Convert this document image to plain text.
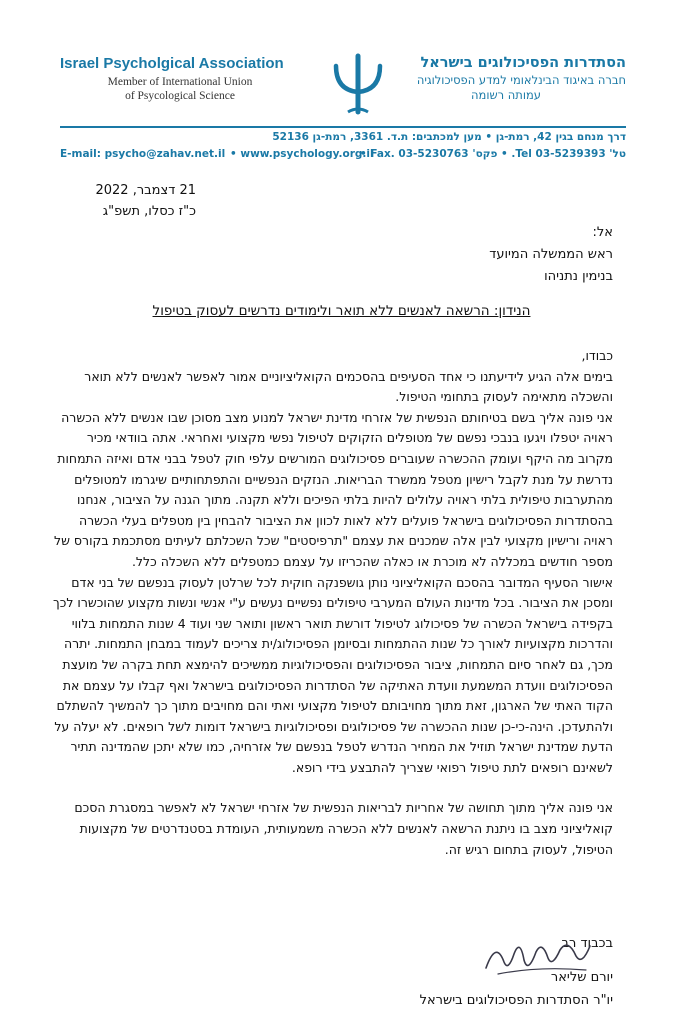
Israel Psycholgical Association
Member of International Union
of Psycological Science
הסתדרות הפסיכולוגים בישראל
חברה באיגוד הבינלאומי למדע הפסיכולוגיה
עמותה רשומה
דרך מנחם בגין 42, רמת-גן • מען למכתבים: ת.ד. 3361, רמת-גן 52136
E-mail: psycho@zahav.net.il • www.psychology.org.il
• Fax. 03-5230763 טל' 03-5239393 Tel. • פקס'
21 דצמבר, 2022
כ"ז כסלו, תשפ"ג
אל:
ראש הממשלה המיועד
בנימין נתניהו
הנידון: הרשאה לאנשים ללא תואר ולימודים נדרשים לעסוק בטיפול

כבודו,

בימים אלה הגיע לידיעתנו כי אחד הסעיפים בהסכמים הקואליציוניים אמור לאפשר לאנשים ללא תואר והשכלה מתאימה לעסוק בתחומי הטיפול.

אני פונה אליך בשם בטיחותם הנפשית של אזרחי מדינת ישראל למנוע מצב מסוכן שבו אנשים ללא הכשרה ראויה יטפלו ויגעו בנבכי נפשם של מטופלים הזקוקים לטיפול נפשי מקצועי ואחראי. אתה בוודאי מכיר מקרוב מה היקף ועומק ההכשרה שעוברים פסיכולוגים המורשים עלפי חוק לטפל בבני אדם ואיזה התמחות נדרשת על מנת לקבל רישיון מטפל ממשרד הבריאות. הנזקים הנפשיים והתפתחותיים שיגרמו למטופלים מהתערבות טיפולית בלתי ראויה עלולים להיות בלתי הפיכים וללא תקנה. מתוך הגנה על הציבור, אנחנו בהסתדרות הפסיכולוגים בישראל פועלים ללא לאות לכוון את הציבור להבחין בין מטפלים בעלי הכשרה ראויה ורישיון מקצועי לבין אלה שמכנים את עצמם "תרפיסטים" שכל השכלתם לעיתים מסתכמת בקורס של מספר חודשים במכללה לא מוכרת או כאלה שהכריזו על עצמם כמטפלים ללא השכלה כלל.

אישור הסעיף המדובר בהסכם הקואליציוני נותן גושפנקה חוקית לכל שרלטן לעסוק בנפשם של בני אדם ומסכן את הציבור. בכל מדינות העולם המערבי טיפולים נפשיים נעשים ע"י אנשי ונשות מקצוע שהוכשרו לכך בקפידה בישראל הכשרה של פסיכולוג לטיפול דורשת תואר ראשון ותואר שני ועוד 4 שנות התמחות בלווי והדרכות מקצועיות לאורך כל שנות ההתמחות ובסיומן הפסיכולוג/ית צריכים לעמוד במבחן התמחות. יתרה מכך, גם לאחר סיום התמחות, ציבור הפסיכולוגים והפסיכולוגיות ממשיכים להימצא תחת בקרה של מועצת הפסיכולוגים וועדת המשמעת וועדת האתיקה של הסתדרות הפסיכולוגים בישראל ואף קבלו על עצמם את הקוד האתי של הארגון, זאת מתוך מחויבותם לטיפול מקצועי ואתי והם מחויבים מתוך כך להמשיך להשתלם ולהתעדכן. הינה-כי-כן שנות ההכשרה של פסיכולוגים ופסיכולוגיות בישראל דומות לשל רופאים. לא יעלה על הדעת שמדינת ישראל תוזיל את המחיר הנדרש לטפל בנפשם של אזרחיה, כמו שלא יתכן שהמדינה תתיר לשאינם רופאים לתת טיפול רפואי שצריך להתבצע בידי רופא.

אני פונה אליך מתוך תחושה של אחריות לבריאות הנפשית של אזרחי ישראל לא לאפשר במסגרת הסכם קואליציוני מצב בו ניתנת הרשאה לאנשים ללא הכשרה משמעותית, העומדת בסטנדרטים של מקצועות הטיפול, לעסוק בתחום רגיש זה.

בכבוד רב
יורם שליאר
יו"ר הסתדרות הפסיכולוגים בישראל
